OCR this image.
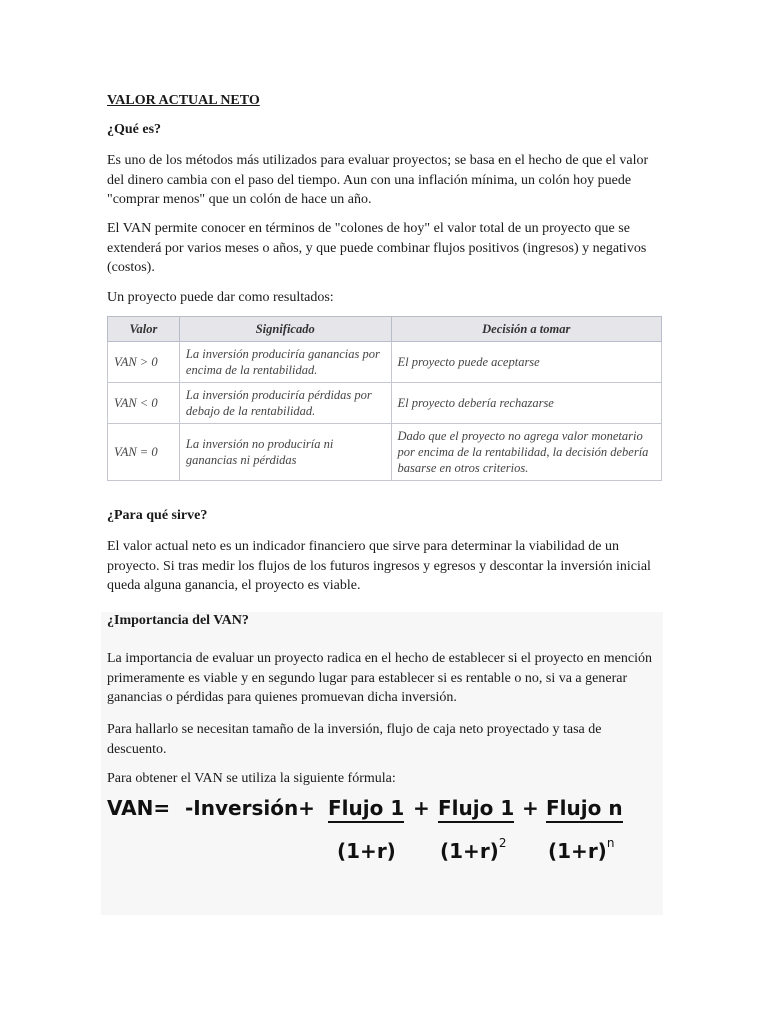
VALOR ACTUAL NETO
¿Qué es?
Es uno de los métodos más utilizados para evaluar proyectos; se basa en el hecho de que el valor del dinero cambia con el paso del tiempo. Aun con una inflación mínima, un colón hoy puede "comprar menos" que un colón de hace un año.
El VAN permite conocer en términos de "colones de hoy" el valor total de un proyecto que se extenderá por varios meses o años, y que puede combinar flujos positivos (ingresos) y negativos (costos).
Un proyecto puede dar como resultados:
Valor	Significado	Decisión a tomar
VAN > 0	La inversión produciría ganancias por encima de la rentabilidad.	El proyecto puede aceptarse
VAN < 0	La inversión produciría pérdidas por debajo de la rentabilidad.	El proyecto debería rechazarse
VAN = 0	La inversión no produciría ni ganancias ni pérdidas	Dado que el proyecto no agrega valor monetario por encima de la rentabilidad, la decisión debería basarse en otros criterios.
¿Para qué sirve?
El valor actual neto es un indicador financiero que sirve para determinar la viabilidad de un proyecto. Si tras medir los flujos de los futuros ingresos y egresos y descontar la inversión inicial queda alguna ganancia, el proyecto es viable.
¿Importancia del VAN?
La importancia de evaluar un proyecto radica en el hecho de establecer si el proyecto en mención primeramente es viable y en segundo lugar para establecer si es rentable o no, si va a generar ganancias o pérdidas para quienes promuevan dicha inversión.
Para hallarlo se necesitan tamaño de la inversión, flujo de caja neto proyectado y tasa de descuento.
Para obtener el VAN se utiliza la siguiente fórmula:
VAN= -Inversión+ Flujo 1 + Flujo 1 + Flujo n
(1+r) $(1+r)^2$ $(1+r)^n$
